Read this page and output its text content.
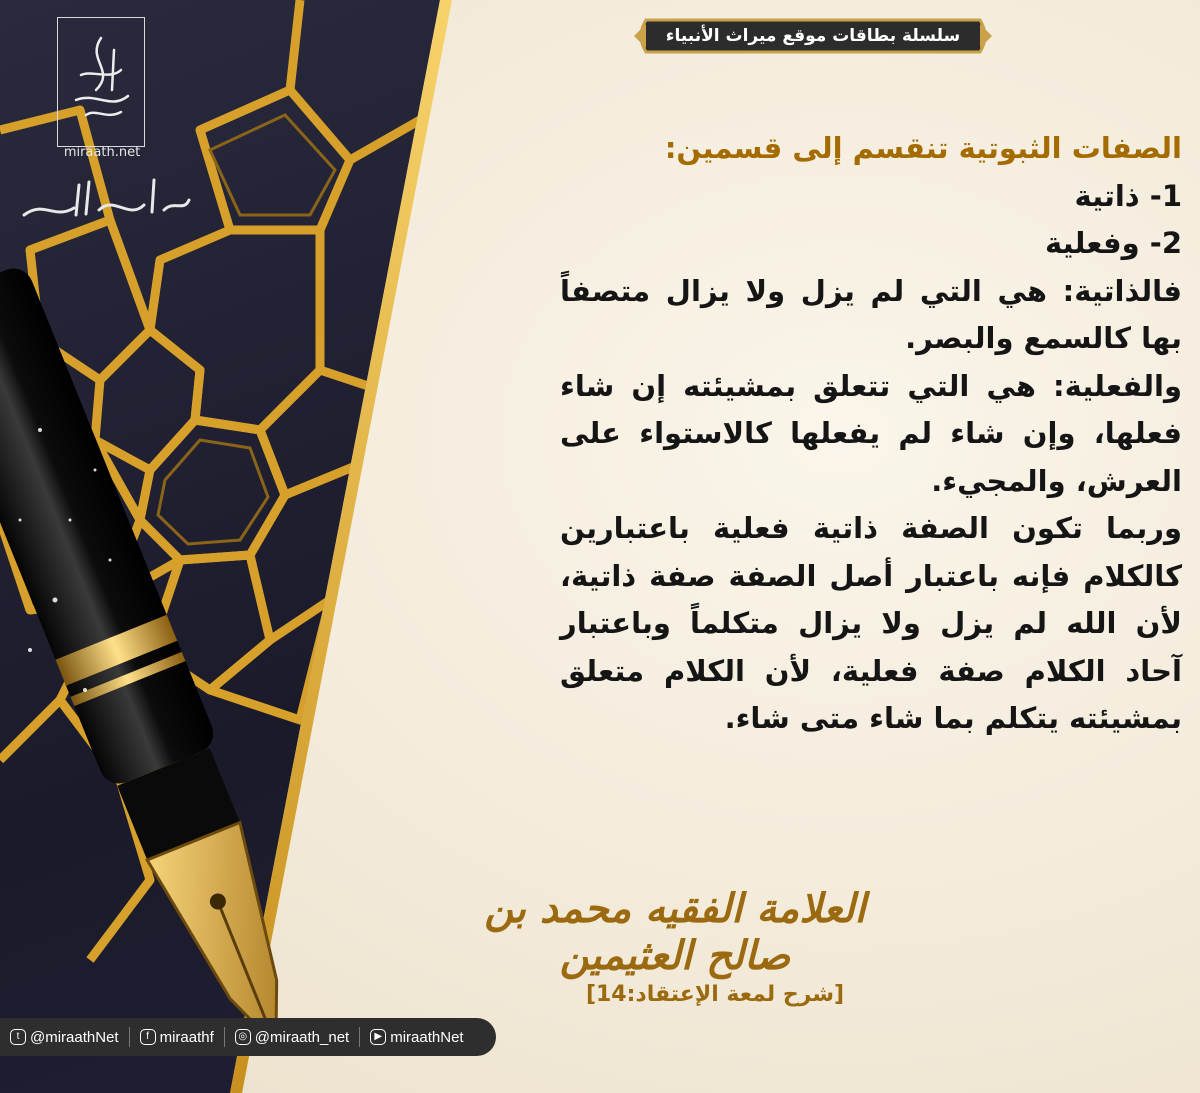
miraath.net
سلسلة بطاقات موقع ميراث الأنبياء

الصفات الثبوتية تنقسم إلى قسمين:

1- ذاتية

2- وفعلية

فالذاتية: هي التي لم يزل ولا يزال متصفاً بها كالسمع والبصر.

والفعلية: هي التي تتعلق بمشيئته إن شاء فعلها، وإن شاء لم يفعلها كالاستواء على العرش، والمجيء.

وربما تكون الصفة ذاتية فعلية باعتبارين كالكلام فإنه باعتبار أصل الصفة صفة ذاتية، لأن الله لم يزل ولا يزال متكلماً وباعتبار آحاد الكلام صفة فعلية، لأن الكلام متعلق بمشيئته يتكلم بما شاء متى شاء.

العلامة الفقيه محمد بن صالح العثيمين
[شرح لمعة الإعتقاد:14]
t @miraathNet	f miraathf	◎ @miraath_net	▶ miraathNet
